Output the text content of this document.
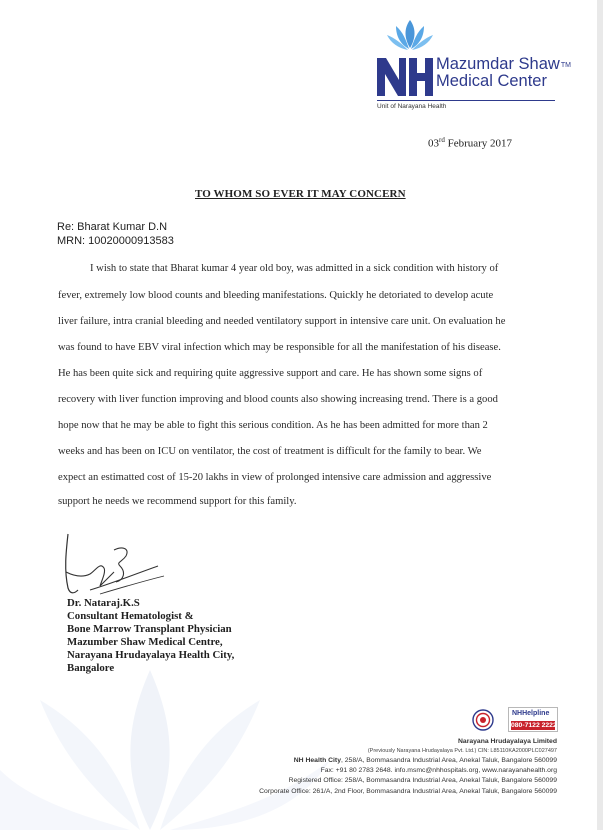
Mazumdar Shaw™
Medical Center
Unit of Narayana Health
03rd February 2017
TO WHOM SO EVER IT MAY CONCERN
Re: Bharat Kumar D.N
MRN: 10020000913583
I wish to state that Bharat kumar 4 year old boy, was admitted in a sick condition with history of
fever, extremely low blood counts and bleeding manifestations. Quickly he detoriated to develop acute
liver failure, intra cranial bleeding and needed ventilatory support in intensive care unit. On evaluation he
was found to have EBV viral infection which may be responsible for all the manifestation of his disease.
He has been quite sick and requiring quite aggressive support and care. He has shown some signs of
recovery with liver function improving and blood counts also showing increasing trend. There is a good
hope now that he may be able to fight this serious condition. As he has been admitted for more than 2
weeks and has been on ICU on ventilator, the cost of treatment is difficult for the family to bear. We
expect an estimatted cost of 15-20 lakhs in view of prolonged intensive care admission and aggressive
support he needs we recommend support for this family.
Dr. Nataraj.K.S
Consultant Hematologist &
Bone Marrow Transplant Physician
Mazumber Shaw Medical Centre,
Narayana Hrudayalaya Health City,
Bangalore
NHHelpline
080-7122 2222
Narayana Hrudayalaya Limited
(Previously Narayana Hrudayalaya Pvt. Ltd.) CIN: L85110KA2000PLC027497
NH Health City, 258/A, Bommasandra Industrial Area, Anekal Taluk, Bangalore 560099
Fax: +91 80 2783 2648. info.msmc@nhhospitals.org, www.narayanahealth.org
Registered Office: 258/A, Bommasandra Industrial Area, Anekal Taluk, Bangalore 560099
Corporate Office: 261/A, 2nd Floor, Bommasandra Industrial Area, Anekal Taluk, Bangalore 560099
